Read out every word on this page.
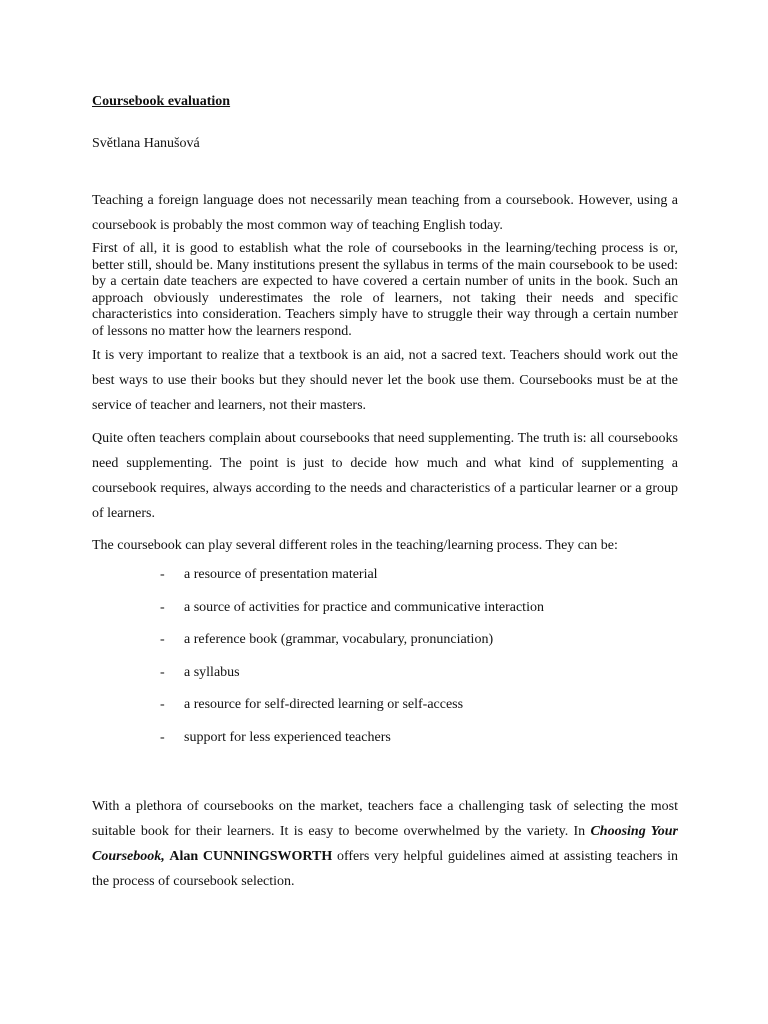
Coursebook evaluation
Světlana Hanušová

Teaching a foreign language does not necessarily mean teaching from a coursebook. However, using a coursebook is probably the most common way of teaching English today.

First of all, it is good to establish what the role of coursebooks in the learning/teching process is or, better still, should be. Many institutions present the syllabus in terms of the main coursebook to be used: by a certain date teachers are expected to have covered a certain number of units in the book. Such an approach obviously underestimates the role of learners, not taking their needs and specific characteristics into consideration. Teachers simply have to struggle their way through a certain number of lessons no matter how the learners respond.

It is very important to realize that a textbook is an aid, not a sacred text. Teachers should work out the best ways to use their books but they should never let the book use them. Coursebooks must be at the service of teacher and learners, not their masters.

Quite often teachers complain about coursebooks that need supplementing. The truth is: all coursebooks need supplementing. The point is just to decide how much and what kind of supplementing a coursebook requires, always according to the needs and characteristics of a particular learner or a group of learners.

The coursebook can play several different roles in the teaching/learning process. They can be:

- a resource of presentation material
- a source of activities for practice and communicative interaction
- a reference book (grammar, vocabulary, pronunciation)
- a syllabus
- a resource for self-directed learning or self-access
- support for less experienced teachers

With a plethora of coursebooks on the market, teachers face a challenging task of selecting the most suitable book for their learners. It is easy to become overwhelmed by the variety. In Choosing Your Coursebook, Alan CUNNINGSWORTH offers very helpful guidelines aimed at assisting teachers in the process of coursebook selection.
